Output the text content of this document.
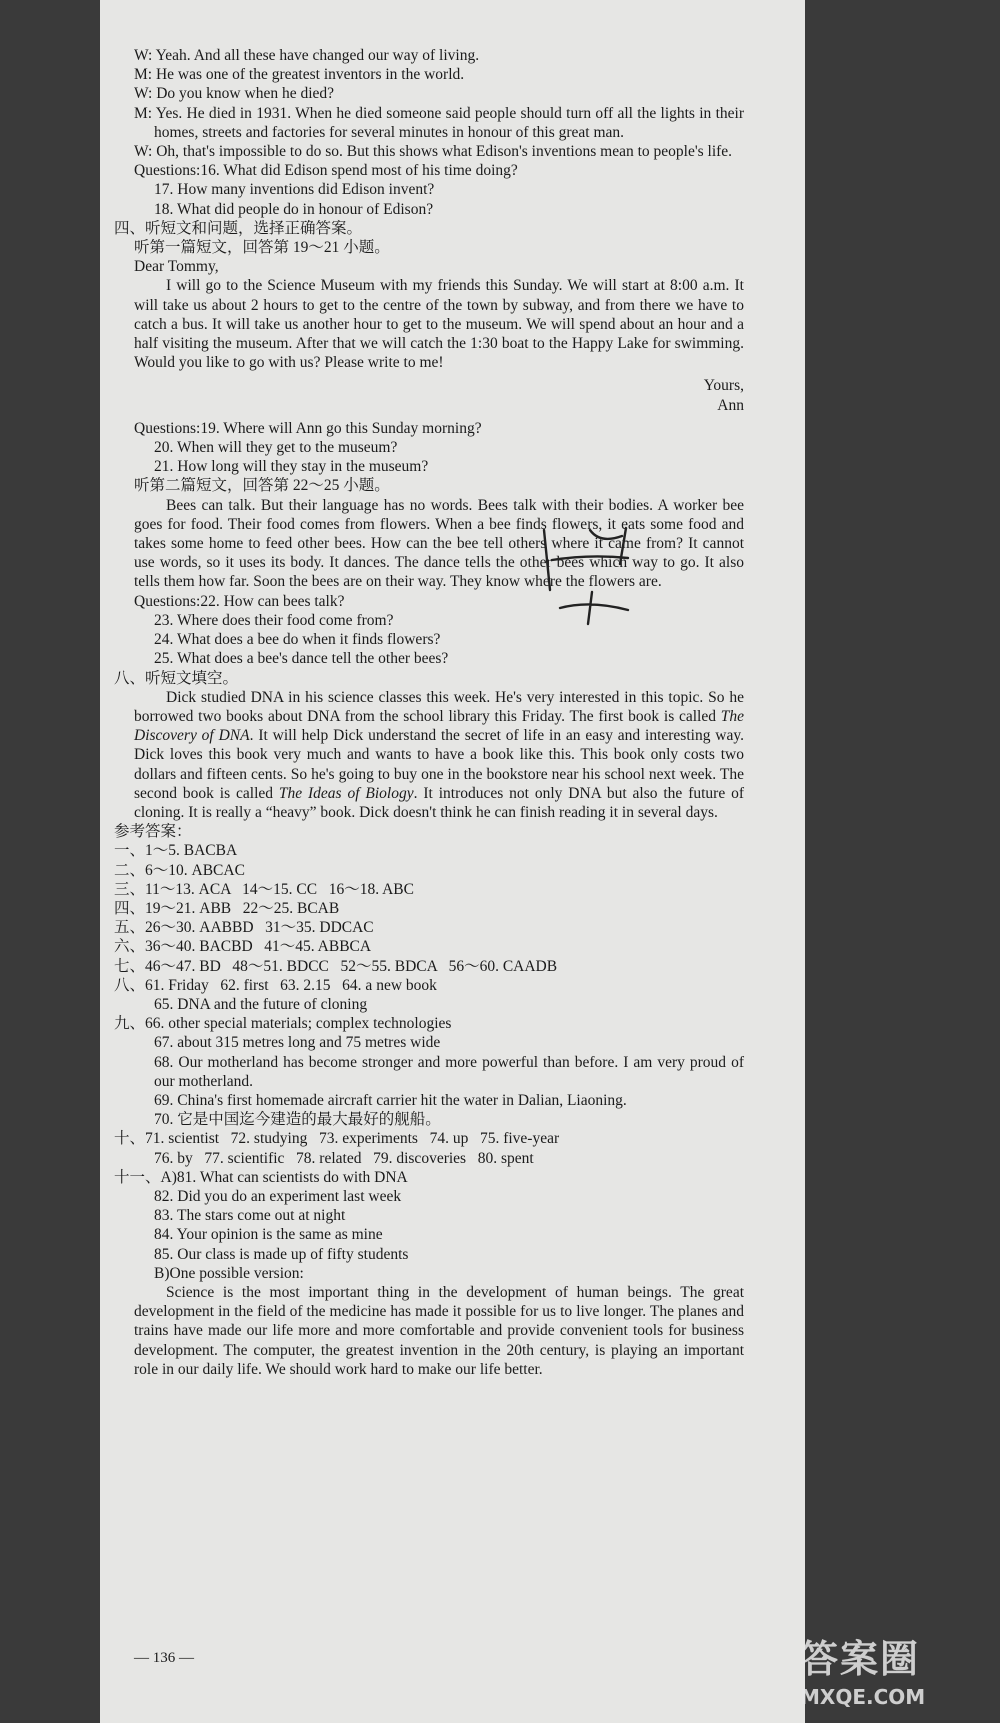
W: Yeah. And all these have changed our way of living.
M: He was one of the greatest inventors in the world.
W: Do you know when he died?
M: Yes. He died in 1931. When he died someone said people should turn off all the lights in their homes, streets and factories for several minutes in honour of this great man.
W: Oh, that's impossible to do so. But this shows what Edison's inventions mean to people's life.
Questions:16. What did Edison spend most of his time doing?
17. How many inventions did Edison invent?
18. What did people do in honour of Edison?
四、听短文和问题，选择正确答案。
听第一篇短文，回答第 19～21 小题。
Dear Tommy,
I will go to the Science Museum with my friends this Sunday. We will start at 8:00 a.m. It will take us about 2 hours to get to the centre of the town by subway, and from there we have to catch a bus. It will take us another hour to get to the museum. We will spend about an hour and a half visiting the museum. After that we will catch the 1:30 boat to the Happy Lake for swimming. Would you like to go with us? Please write to me!
Yours,
Ann
Questions:19. Where will Ann go this Sunday morning?
20. When will they get to the museum?
21. How long will they stay in the museum?
听第二篇短文，回答第 22～25 小题。
Bees can talk. But their language has no words. Bees talk with their bodies. A worker bee goes for food. Their food comes from flowers. When a bee finds flowers, it eats some food and takes some home to feed other bees. How can the bee tell others where it came from? It cannot use words, so it uses its body. It dances. The dance tells the other bees which way to go. It also tells them how far. Soon the bees are on their way. They know where the flowers are.
Questions:22. How can bees talk?
23. Where does their food come from?
24. What does a bee do when it finds flowers?
25. What does a bee's dance tell the other bees?
八、听短文填空。
Dick studied DNA in his science classes this week. He's very interested in this topic. So he borrowed two books about DNA from the school library this Friday. The first book is called The Discovery of DNA. It will help Dick understand the secret of life in an easy and interesting way. Dick loves this book very much and wants to have a book like this. This book only costs two dollars and fifteen cents. So he's going to buy one in the bookstore near his school next week. The second book is called The Ideas of Biology. It introduces not only DNA but also the future of cloning. It is really a “heavy” book. Dick doesn't think he can finish reading it in several days.
参考答案：
一、1～5. BACBA
二、6～10. ABCAC
三、11～13. ACA   14～15. CC   16～18. ABC
四、19～21. ABB   22～25. BCAB
五、26～30. AABBD   31～35. DDCAC
六、36～40. BACBD   41～45. ABBCA
七、46～47. BD   48～51. BDCC   52～55. BDCA   56～60. CAADB
八、61. Friday   62. first   63. 2.15   64. a new book
65. DNA and the future of cloning
九、66. other special materials; complex technologies
67. about 315 metres long and 75 metres wide
68. Our motherland has become stronger and more powerful than before. I am very proud of our motherland.
69. China's first homemade aircraft carrier hit the water in Dalian, Liaoning.
70. 它是中国迄今建造的最大最好的舰船。
十、71. scientist   72. studying   73. experiments   74. up   75. five-year
76. by   77. scientific   78. related   79. discoveries   80. spent
十一、A)81. What can scientists do with DNA
82. Did you do an experiment last week
83. The stars come out at night
84. Your opinion is the same as mine
85. Our class is made up of fifty students
B)One possible version:
Science is the most important thing in the development of human beings. The great development in the field of the medicine has made it possible for us to live longer. The planes and trains have made our life more and more comfortable and provide convenient tools for business development. The computer, the greatest invention in the 20th century, is playing an important role in our daily life. We should work hard to make our life better.
— 136 —	答案圈
MXQE.COM
